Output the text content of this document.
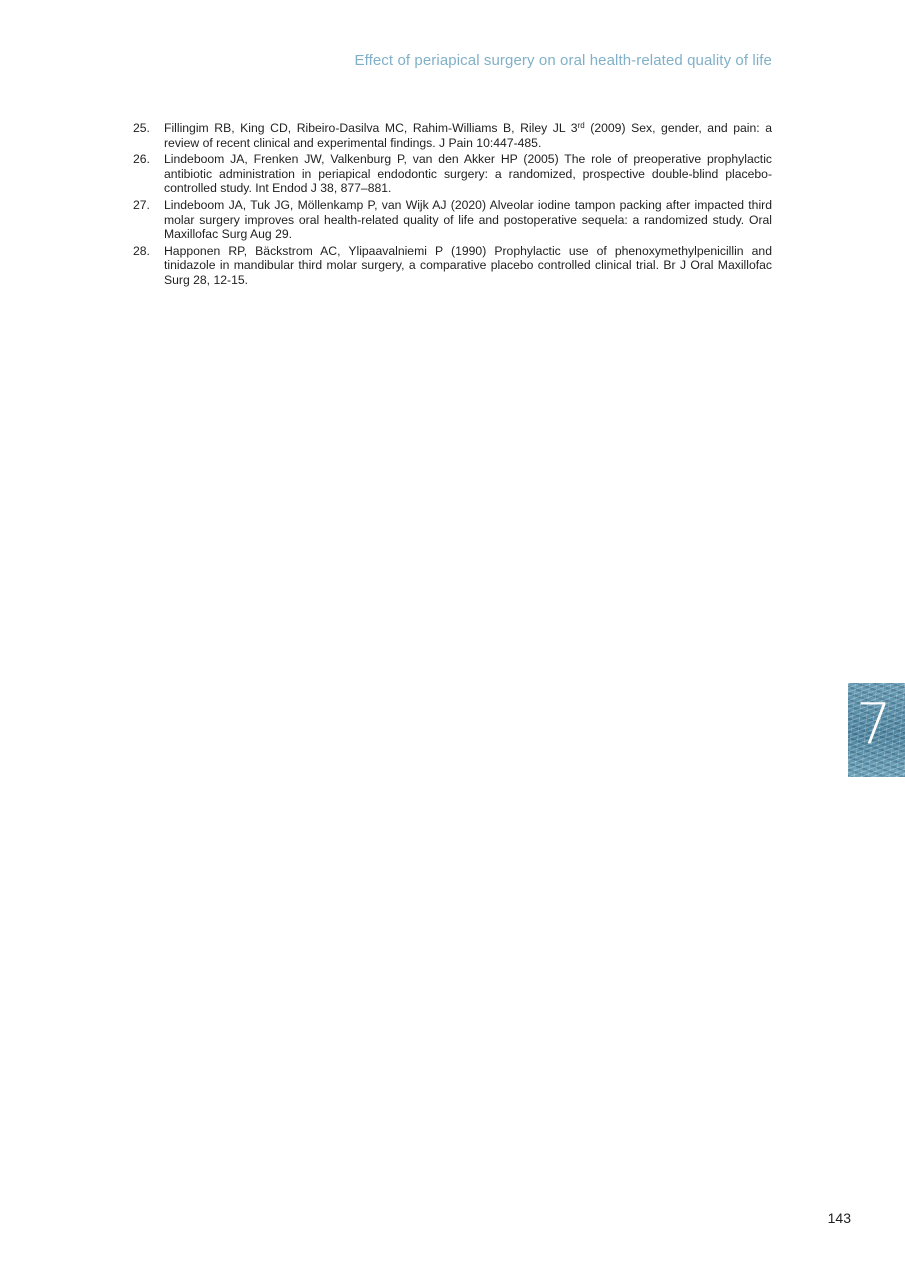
Effect of periapical surgery on oral health-related quality of life
25. Fillingim RB, King CD, Ribeiro-Dasilva MC, Rahim-Williams B, Riley JL 3rd (2009) Sex, gender, and pain: a review of recent clinical and experimental findings. J Pain 10:447-485.
26. Lindeboom JA, Frenken JW, Valkenburg P, van den Akker HP (2005) The role of preoperative prophylactic antibiotic administration in periapical endodontic surgery: a randomized, prospective double-blind placebo-controlled study. Int Endod J 38, 877–881.
27. Lindeboom JA, Tuk JG, Möllenkamp P, van Wijk AJ (2020) Alveolar iodine tampon packing after impacted third molar surgery improves oral health-related quality of life and postoperative sequela: a randomized study. Oral Maxillofac Surg Aug 29.
28. Happonen RP, Bäckstrom AC, Ylipaavalniemi P (1990) Prophylactic use of phenoxymethylpenicillin and tinidazole in mandibular third molar surgery, a comparative placebo controlled clinical trial. Br J Oral Maxillofac Surg 28, 12-15.
7
143
